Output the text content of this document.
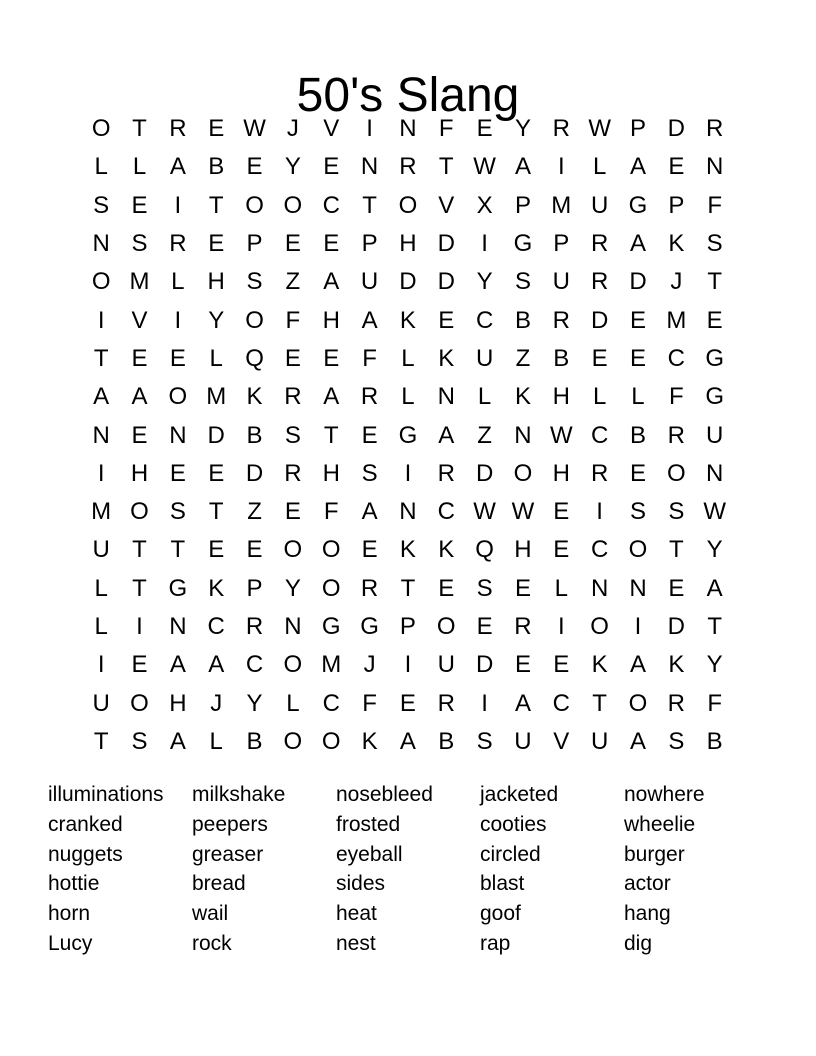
50's Slang
O T R E W J	V	I	N F E Y R W P D R
L	L A B E Y E N R T W A	I	L A E N
S E	I	T O O C T O V X P M U G P F
N S R E P E E P H D	I	G P R A K S
O M L H S Z A U D D Y S U R D J	T
I	V	I	Y O F H A K E C B R D E M E
T E E L Q E E F	L K U Z B E E C G
A A O M K R A R L N L K H L	L	F G
N E N D B S T E G A Z N W C B R U
I	H E E D R H S	I	R D O H R E O N
M O S T Z E F A N C W W E	I	S S W
U T T E E O O E K K Q H E C O T Y
L	T G K P Y O R T E S E L N N E A
L	I	N C R N G G P O E R	I	O	I	D T
I	E A A C O M J	I	U D E E K A K Y
U O H J	Y L C F E R	I	A C T O R F
T S A L B O O K A B S U V U A S B
illuminations	milkshake	nosebleed	jacketed	nowhere
cranked	peepers	frosted	cooties	wheelie
nuggets	greaser	eyeball	circled	burger
hottie	bread	sides	blast	actor
horn	wail	heat	goof	hang
Lucy	rock	nest	rap	dig
